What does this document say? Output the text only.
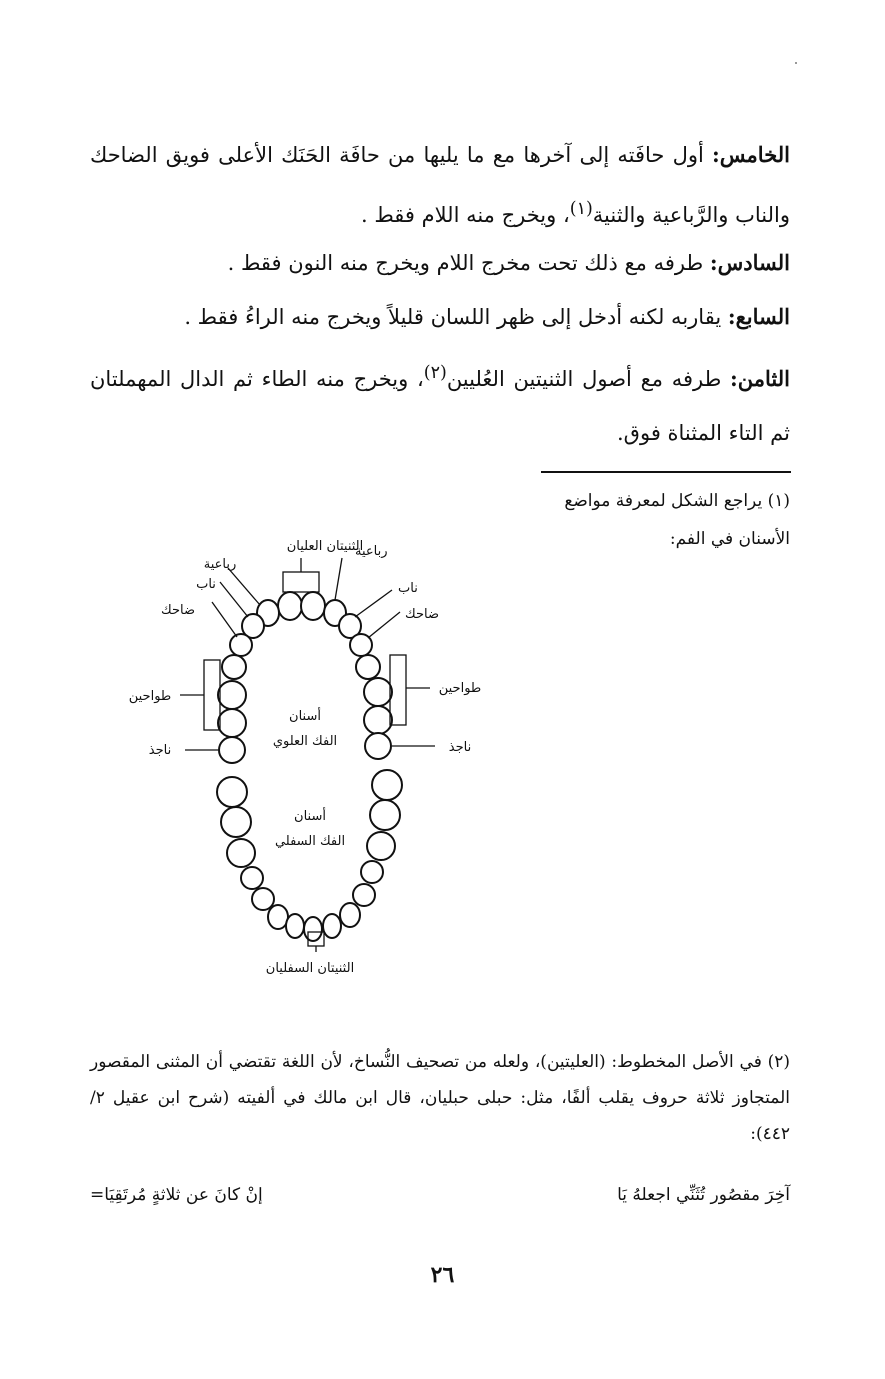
الخامس: أول حافَته إلى آخرها مع ما يليها من حافَة الحَنَك الأعلى فويق الضاحك والناب والرَّباعية والثنية$^{(١)}$، ويخرج منه اللام فقط .
السادس: طرفه مع ذلك تحت مخرج اللام ويخرج منه النون فقط .
السابع: يقاربه لكنه أدخل إلى ظهر اللسان قليلاً ويخرج منه الراءُ فقط .
الثامن: طرفه مع أصول الثنيتين العُليين$^{(٢)}$، ويخرج منه الطاء ثم الدال المهملتان ثم التاء المثناة فوق.
(١) يراجع الشكل لمعرفة مواضع الأسنان في الفم:
الثنيتان العليان
رباعية
رباعية
ناب
ضاحك
ناب
ضاحك
طواحين
طواحين
ناجذ	ناجذ
أسنان
الفك العلوي
أسنان
الفك السفلي
الثنيتان السفليان
(٢) في الأصل المخطوط: (العليتين)، ولعله من تصحيف النُّساخ، لأن اللغة تقتضي أن المثنى المقصور المتجاوز ثلاثة حروف يقلب ألفًا، مثل: حبلى حبليان، قال ابن مالك في ألفيته (شرح ابن عقيل ٢/ ٤٤٢):
آخِرَ مقصُور تُثَنِّي اجعلهُ يَا
إنْ كانَ عن ثلاثةٍ مُرتَقِيَا=
٢٦
